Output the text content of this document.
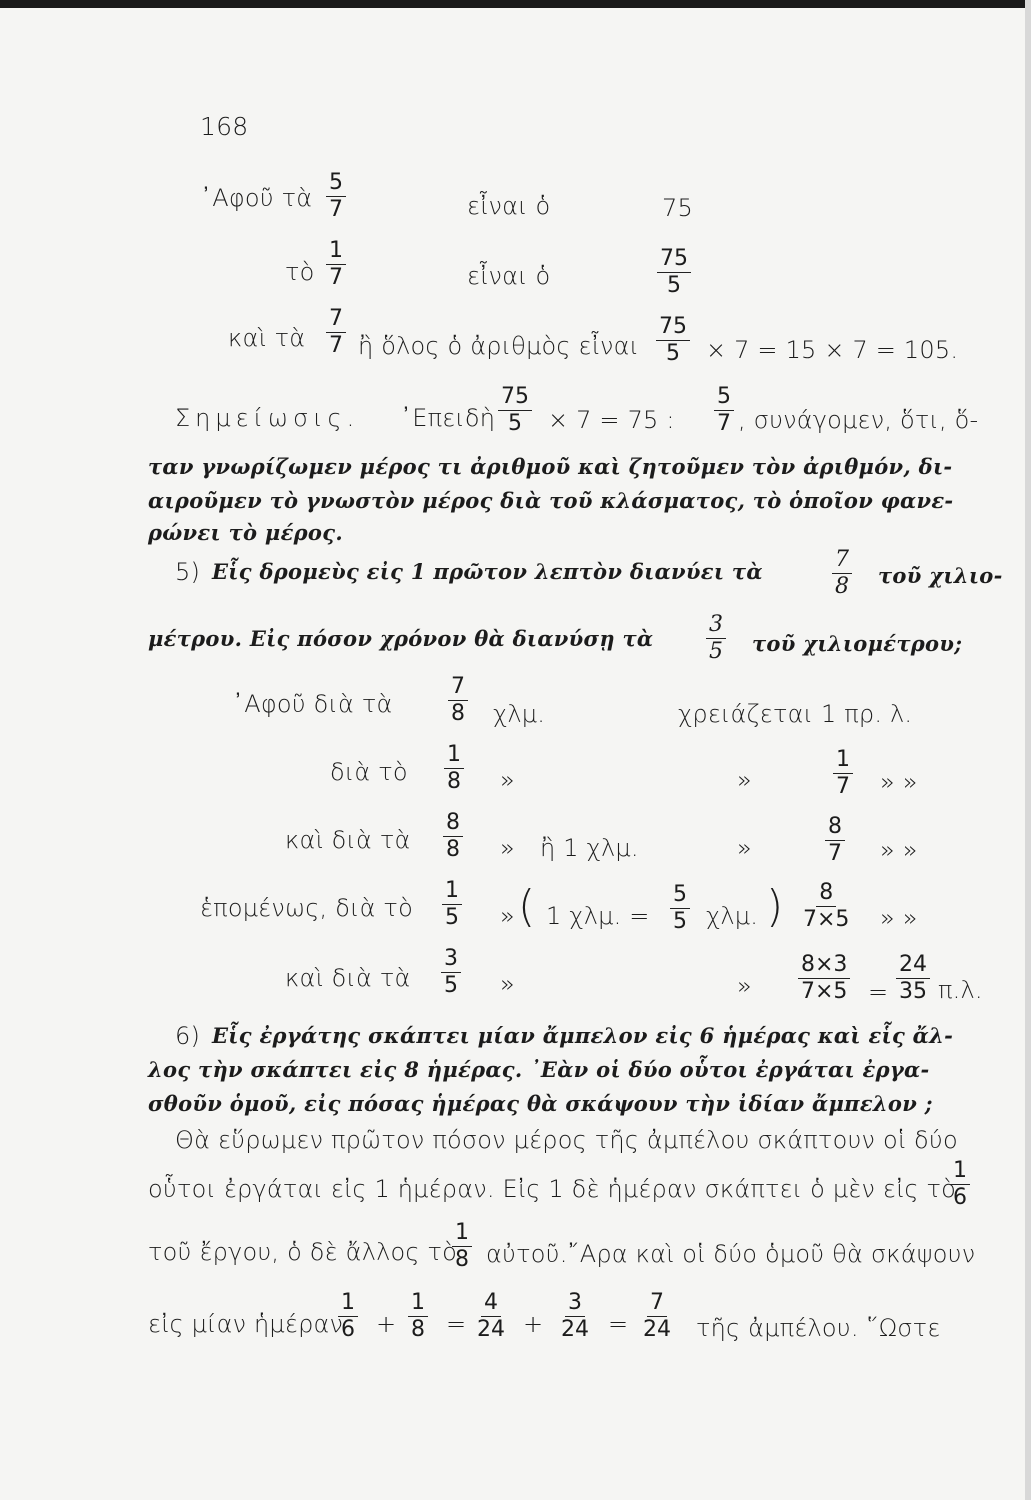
168
᾿Αφοῦ τὰ $\frac{5}{7}$	εἶναι ὁ	75
τὸ $\frac{1}{7}$	εἶναι ὁ	$\frac{75}{5}$
καὶ τὰ $\frac{7}{7}$ ἢ ὅλος ὁ ἀριθμὸς εἶναι $\frac{75}{5} \times 7 = 15 \times 7 = 105$.
Σημείωσις. ᾿Επειδὴ $\frac{75}{5} \times 7 = 75$ : $\frac{5}{7}$ , συνάγομεν, ὅτι, ὅ-
ταν γνωρίζωμεν μέρος τι ἀριθμοῦ καὶ ζητοῦμεν τὸν ἀριθμόν, δι-
αιροῦμεν τὸ γνωστὸν μέρος διὰ τοῦ κλάσματος, τὸ ὁποῖον φανε-
ρώνει τὸ μέρος.
5) Εἷς δρομεὺς εἰς 1 πρῶτον λεπτὸν διανύει τὰ	$\frac{7}{8}$ τοῦ χιλιο-
μέτρου. Εἰς πόσον χρόνον θὰ διανύσῃ τὰ $\frac{3}{5}$ τοῦ χιλιομέτρου;
᾿Αφοῦ διὰ τὰ	$\frac{7}{8} \chi\lambda\mu$.	χρειάζεται 1 πρ. λ.
διὰ τὸ $\frac{1}{8}$ »	»	$\frac{1}{7}$ » »
καὶ διὰ τὰ $\frac{8}{8}$ » ἢ 1 χλμ.	»	$\frac{8}{7}$ » »
ἑπομένως, διὰ τὸ $\frac{1}{5}$ » ( 1 χλμ. = $\frac{5}{5} \chi\lambda\mu$. ) $\frac{8}{7\times 5}$ » »
καὶ διὰ τὰ $\frac{3}{5}$ »	» $\frac{8\times 3}{7\times 5} = \frac{24}{35} \pi.\lambda$.
6) Εἷς ἐργάτης σκάπτει μίαν ἄμπελον εἰς 6 ἡμέρας καὶ εἷς ἄλ-
λος τὴν σκάπτει εἰς 8 ἡμέρας. ᾿Εὰν οἱ δύο οὗτοι ἐργάται ἐργα-
σθοῦν ὁμοῦ, εἰς πόσας ἡμέρας θὰ σκάψουν τὴν ἰδίαν ἄμπελον ;
Θὰ εὕρωμεν πρῶτον πόσον μέρος τῆς ἀμπέλου σκάπτουν οἱ δύο
οὗτοι ἐργάται εἰς 1 ἡμέραν. Εἰς 1 δὲ ἡμέραν σκάπτει ὁ μὲν εἰς τὸ
$\frac{1}{6}$
τοῦ ἔργου, ὁ δὲ ἄλλος τὸ
$\frac{1}{8}$ αὐτοῦ.῎Αρα καὶ οἱ δύο ὁμοῦ θὰ σκάψουν
εἰς μίαν ἡμέραν
$\frac{1}{6} + \frac{1}{8} = \frac{4}{24} + \frac{3}{24} = \frac{7}{24}$ τῆς ἀμπέλου. ῞Ωστε
